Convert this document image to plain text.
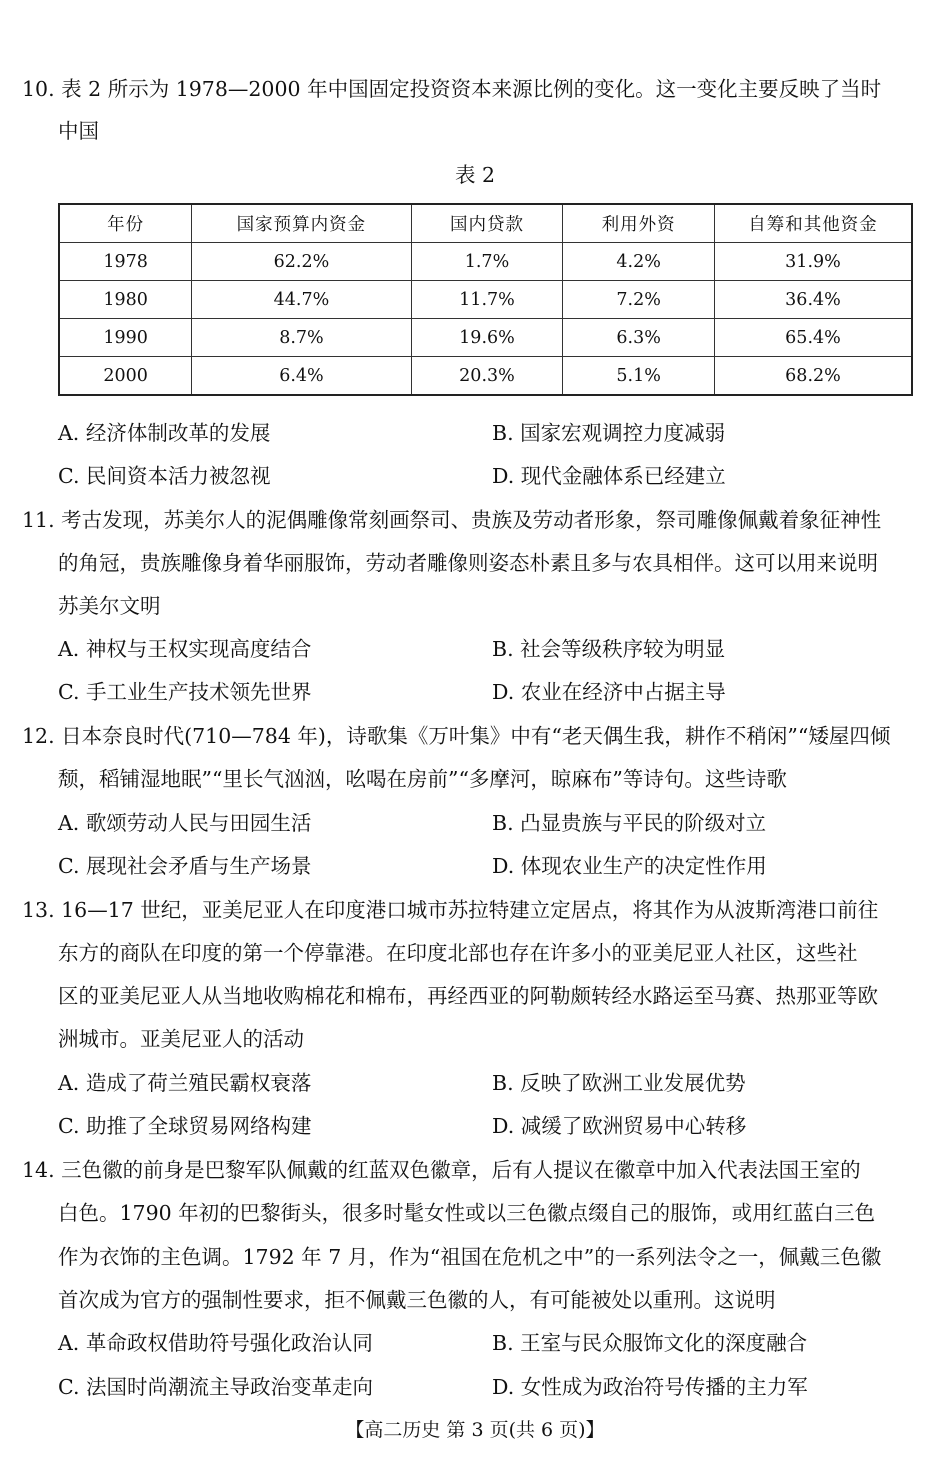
10. 表 2 所示为 1978—2000 年中国固定投资资本来源比例的变化。这一变化主要反映了当时
中国
表 2
年份	国家预算内资金	国内贷款	利用外资	自筹和其他资金
1978	62.2%	1.7%	4.2%	31.9%
1980	44.7%	11.7%	7.2%	36.4%
1990	8.7%	19.6%	6.3%	65.4%
2000	6.4%	20.3%	5.1%	68.2%
A. 经济体制改革的发展	B. 国家宏观调控力度减弱
C. 民间资本活力被忽视	D. 现代金融体系已经建立
11. 考古发现，苏美尔人的泥偶雕像常刻画祭司、贵族及劳动者形象，祭司雕像佩戴着象征神性
的角冠，贵族雕像身着华丽服饰，劳动者雕像则姿态朴素且多与农具相伴。这可以用来说明
苏美尔文明
A. 神权与王权实现高度结合	B. 社会等级秩序较为明显
C. 手工业生产技术领先世界	D. 农业在经济中占据主导
12. 日本奈良时代(710—784 年)，诗歌集《万叶集》中有“老天偶生我，耕作不稍闲”“矮屋四倾
颓，稻铺湿地眠”“里长气汹汹，吆喝在房前”“多摩河，晾麻布”等诗句。这些诗歌
A. 歌颂劳动人民与田园生活	B. 凸显贵族与平民的阶级对立
C. 展现社会矛盾与生产场景	D. 体现农业生产的决定性作用
13. 16—17 世纪，亚美尼亚人在印度港口城市苏拉特建立定居点，将其作为从波斯湾港口前往
东方的商队在印度的第一个停靠港。在印度北部也存在许多小的亚美尼亚人社区，这些社
区的亚美尼亚人从当地收购棉花和棉布，再经西亚的阿勒颇转经水路运至马赛、热那亚等欧
洲城市。亚美尼亚人的活动
A. 造成了荷兰殖民霸权衰落	B. 反映了欧洲工业发展优势
C. 助推了全球贸易网络构建	D. 减缓了欧洲贸易中心转移
14. 三色徽的前身是巴黎军队佩戴的红蓝双色徽章，后有人提议在徽章中加入代表法国王室的
白色。1790 年初的巴黎街头，很多时髦女性或以三色徽点缀自己的服饰，或用红蓝白三色
作为衣饰的主色调。1792 年 7 月，作为“祖国在危机之中”的一系列法令之一，佩戴三色徽
首次成为官方的强制性要求，拒不佩戴三色徽的人，有可能被处以重刑。这说明
A. 革命政权借助符号强化政治认同	B. 王室与民众服饰文化的深度融合
C. 法国时尚潮流主导政治变革走向	D. 女性成为政治符号传播的主力军
【高二历史 第 3 页(共 6 页)】
